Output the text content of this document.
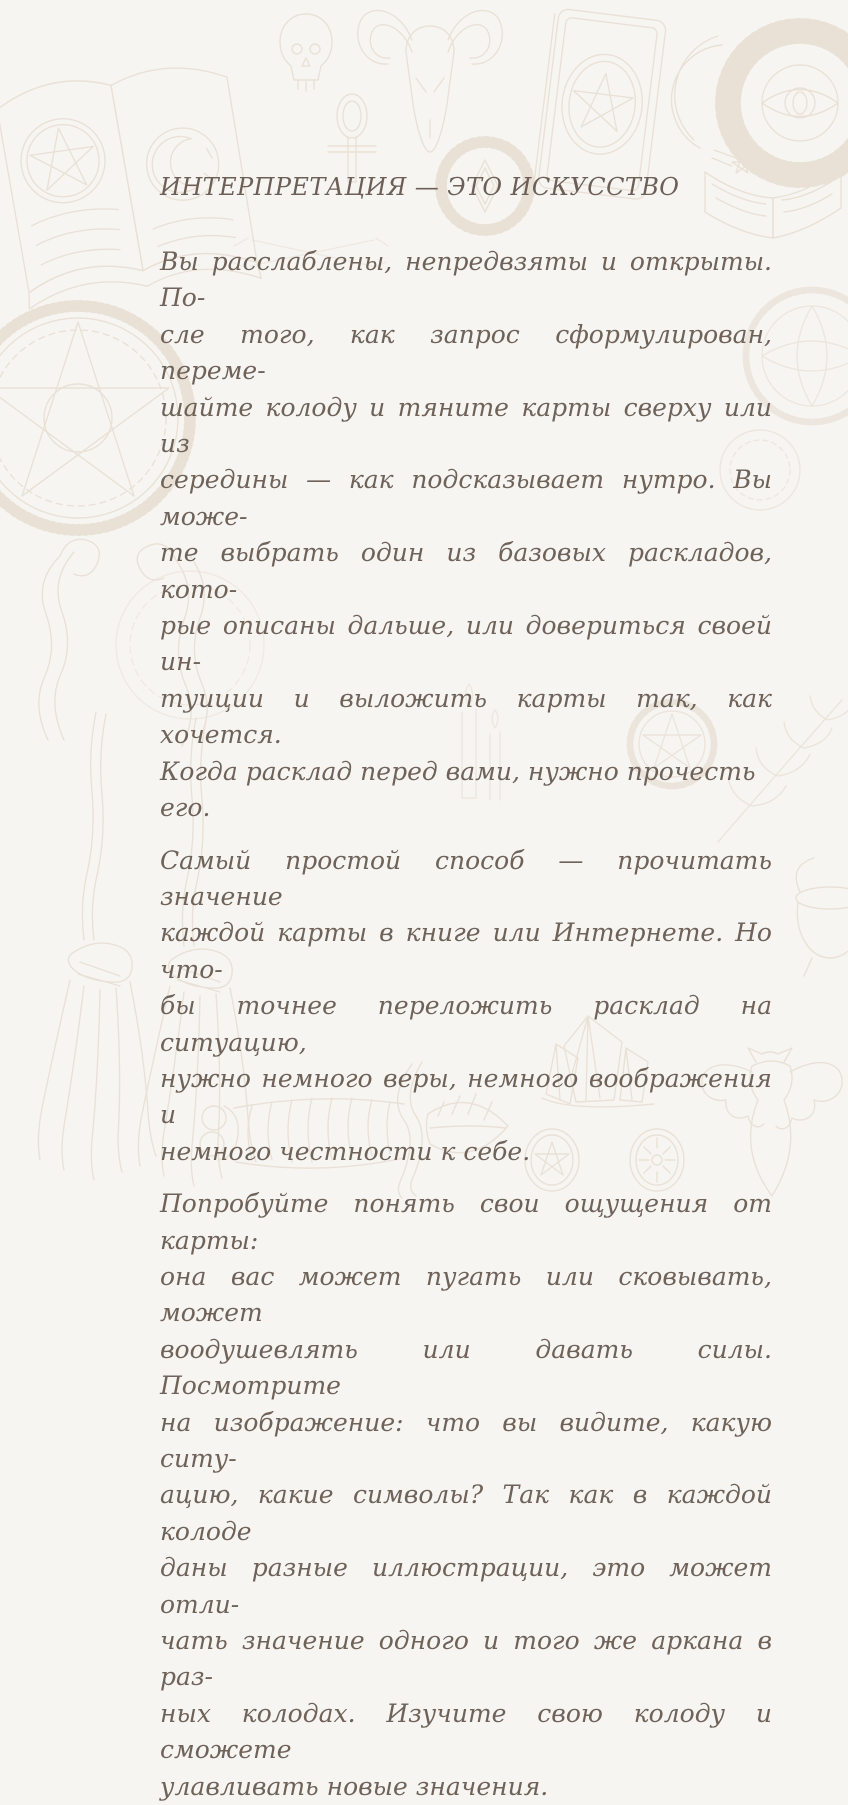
ИНТЕРПРЕТАЦИЯ — ЭТО ИСКУССТВО
Вы расслаблены, непредвзяты и открыты. По-
сле того, как запрос сформулирован, переме-
шайте колоду и тяните карты сверху или из
середины — как подсказывает нутро. Вы може-
те выбрать один из базовых раскладов, кото-
рые описаны дальше, или довериться своей ин-
туиции и выложить карты так, как хочется.
Когда расклад перед вами, нужно прочесть его.
Самый простой способ — прочитать значение
каждой карты в книге или Интернете. Но что-
бы точнее переложить расклад на ситуацию,
нужно немного веры, немного воображения и
немного честности к себе.
Попробуйте понять свои ощущения от карты:
она вас может пугать или сковывать, может
воодушевлять или давать силы. Посмотрите
на изображение: что вы видите, какую ситу-
ацию, какие символы? Так как в каждой колоде
даны разные иллюстрации, это может отли-
чать значение одного и того же аркана в раз-
ных колодах. Изучите свою колоду и сможете
улавливать новые значения.
